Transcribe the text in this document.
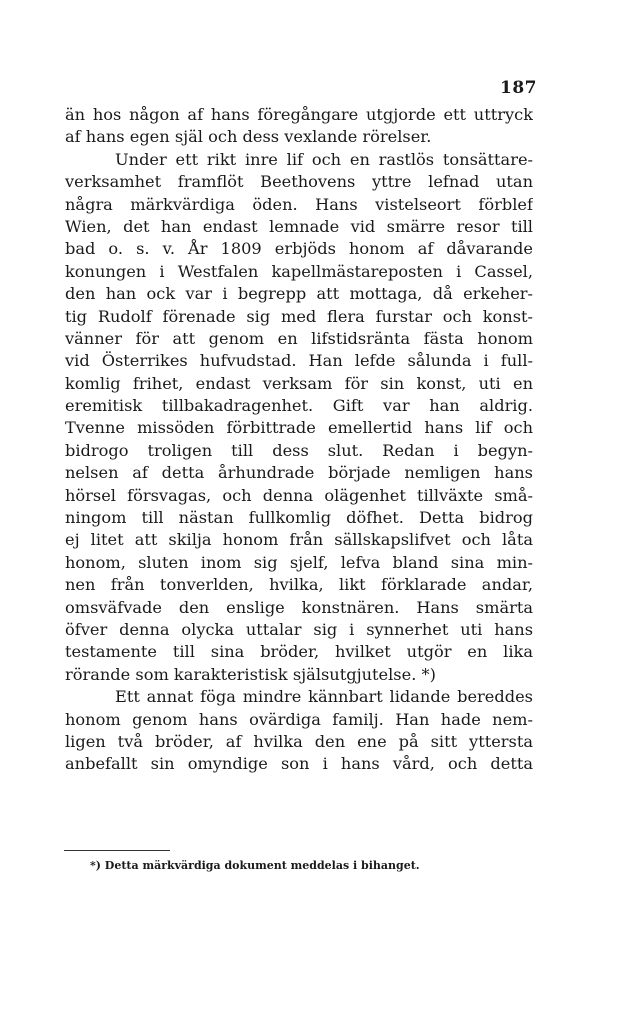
187
än hos någon af hans föregångare utgjorde ett uttryck
af hans egen själ och dess vexlande rörelser.
Under ett rikt inre lif och en rastlös tonsättare-
verksamhet framflöt Beethovens yttre lefnad utan
några märkvärdiga öden. Hans vistelseort förblef
Wien, det han endast lemnade vid smärre resor till
bad o. s. v. År 1809 erbjöds honom af dåvarande
konungen i Westfalen kapellmästareposten i Cassel,
den han ock var i begrepp att mottaga, då erkeher-
tig Rudolf förenade sig med flera furstar och konst-
vänner för att genom en lifstidsränta fästa honom
vid Österrikes hufvudstad. Han lefde sålunda i full-
komlig frihet, endast verksam för sin konst, uti en
eremitisk tillbakadragenhet. Gift var han aldrig.
Tvenne missöden förbittrade emellertid hans lif och
bidrogo troligen till dess slut. Redan i begyn-
nelsen af detta århundrade började nemligen hans
hörsel försvagas, och denna olägenhet tillväxte små-
ningom till nästan fullkomlig döfhet. Detta bidrog
ej litet att skilja honom från sällskapslifvet och låta
honom, sluten inom sig sjelf, lefva bland sina min-
nen från tonverlden, hvilka, likt förklarade andar,
omsväfvade den enslige konstnären. Hans smärta
öfver denna olycka uttalar sig i synnerhet uti hans
testamente till sina bröder, hvilket utgör en lika
rörande som karakteristisk själsutgjutelse. *)
Ett annat föga mindre kännbart lidande bereddes
honom genom hans ovärdiga familj. Han hade nem-
ligen två bröder, af hvilka den ene på sitt yttersta
anbefallt sin omyndige son i hans vård, och detta
*) Detta märkvärdiga dokument meddelas i bihanget.
